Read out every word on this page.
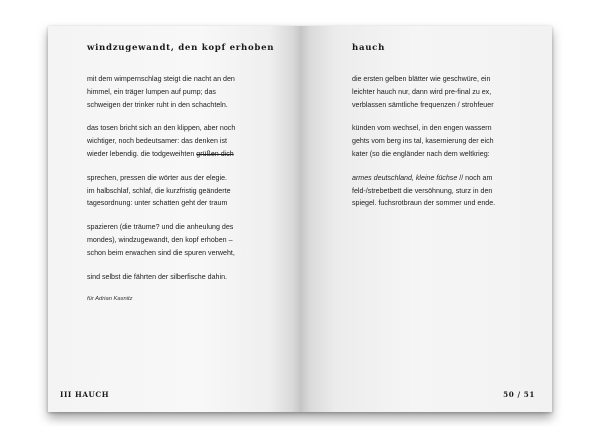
windzugewandt, den kopf erhoben
mit dem wimpernschlag steigt die nacht an den
himmel, ein träger lumpen auf pump; das
schweigen der trinker ruht in den schachteln.
das tosen bricht sich an den klippen, aber noch
wichtiger, noch bedeutsamer: das denken ist
wieder lebendig. die todgeweihten grüßen dich
sprechen, pressen die wörter aus der elegie.
im halbschlaf, schlaf, die kurzfristig geänderte
tagesordnung: unter schatten geht der traum
spazieren (die träume? und die anheulung des
mondes), windzugewandt, den kopf erhoben –
schon beim erwachen sind die spuren verweht,
sind selbst die fährten der silberfische dahin.
für Adrian Kasnitz
III HAUCH
hauch
die ersten gelben blätter wie geschwüre, ein
leichter hauch nur, dann wird pre-final zu ex,
verblassen sämtliche frequenzen / strohfeuer
künden vom wechsel, in den engen wassern
gehts vom berg ins tal, kasernierung der eich
kater (so die engländer nach dem weltkrieg:
armes deutschland, kleine füchse // noch am
feld-/strebetbett die versöhnung, sturz in den
spiegel. fuchsrotbraun der sommer und ende.
50 / 51
